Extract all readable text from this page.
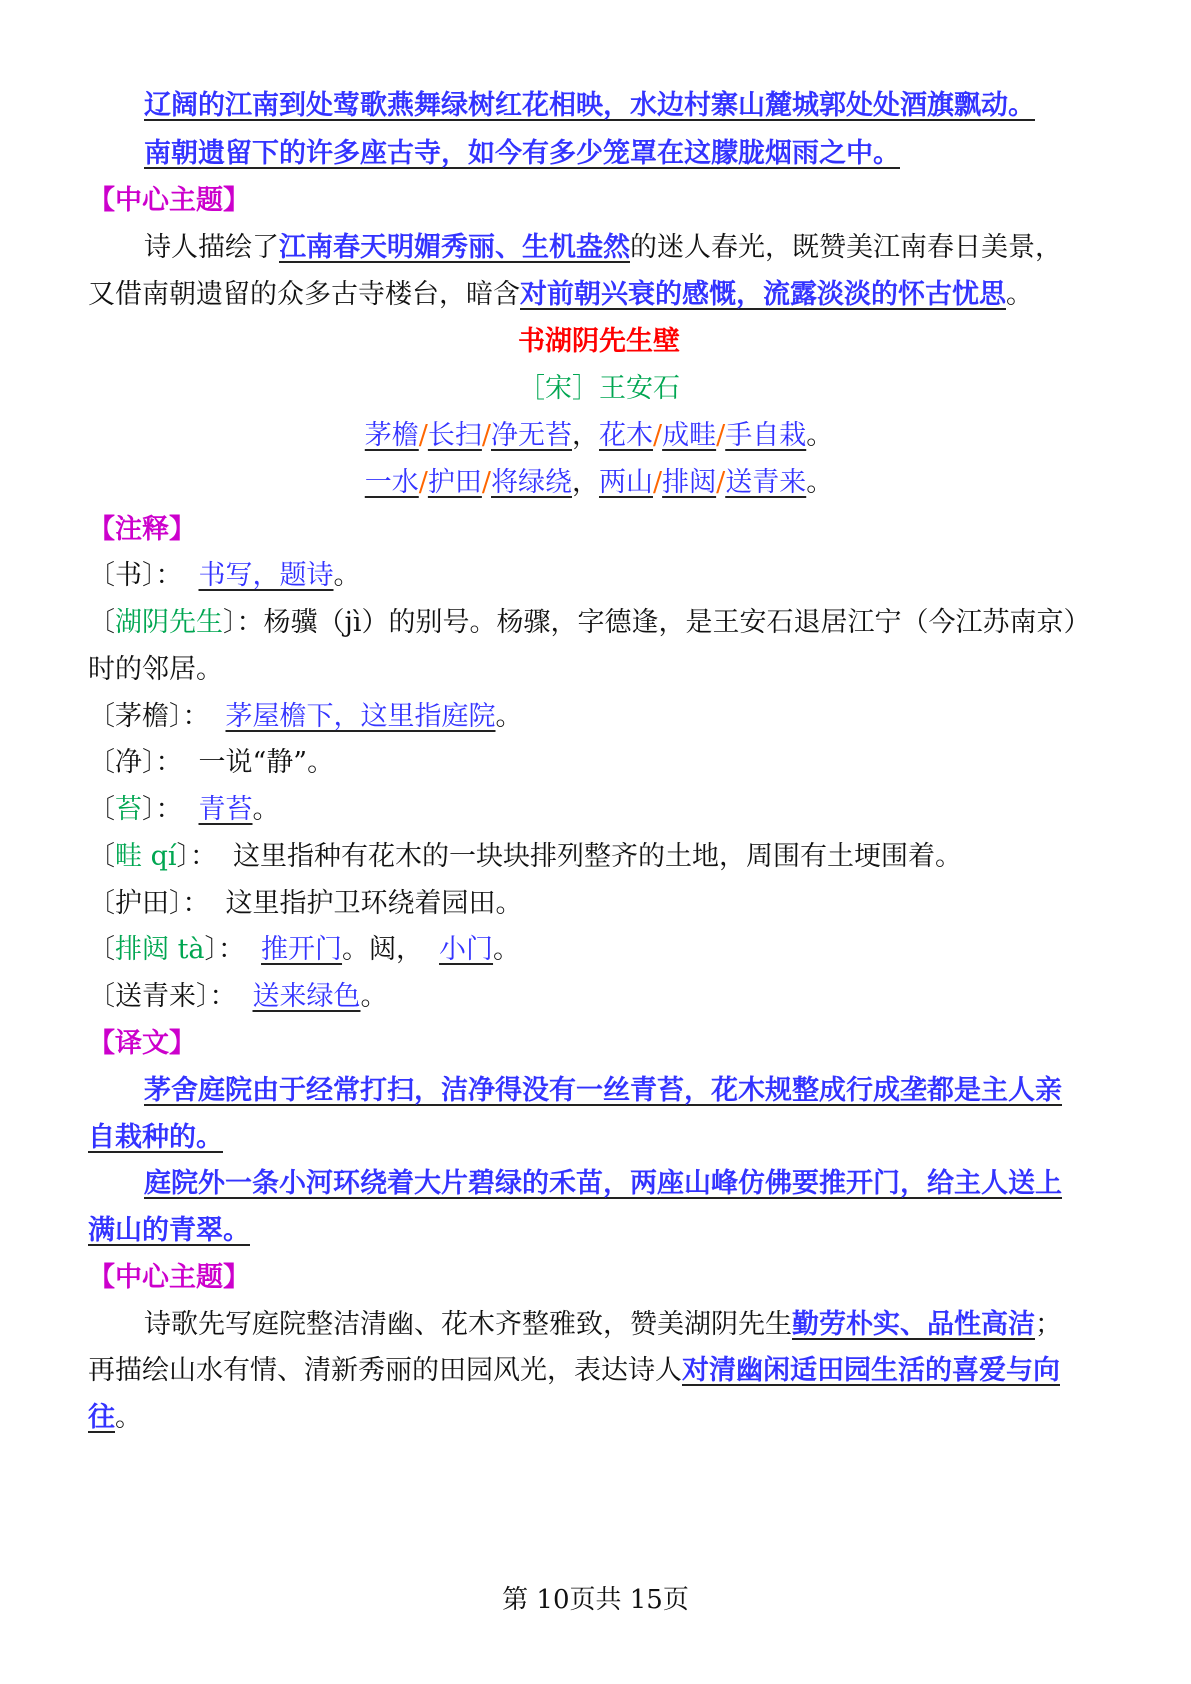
辽阔的江南到处莺歌燕舞绿树红花相映，水边村寨山麓城郭处处酒旗飘动。
南朝遗留下的许多座古寺，如今有多少笼罩在这朦胧烟雨之中。
【中心主题】
诗人描绘了江南春天明媚秀丽、生机盎然的迷人春光，既赞美江南春日美景，
又借南朝遗留的众多古寺楼台，暗含对前朝兴衰的感慨，流露淡淡的怀古忧思。
书湖阴先生壁
［宋］王安石
茅檐/长扫/净无苔，花木/成畦/手自栽。
一水/护田/将绿绕，两山/排闼/送青来。
【注释】
〔书〕： 书写，题诗。
〔湖阴先生〕：杨骥（jì）的别号。杨骤，字德逢，是王安石退居江宁（今江苏南京）
时的邻居。
〔茅檐〕： 茅屋檐下，这里指庭院。
〔净〕： 一说“静”。
〔苔〕： 青苔。
〔畦 qí〕： 这里指种有花木的一块块排列整齐的土地，周围有土埂围着。
〔护田〕： 这里指护卫环绕着园田。
〔排闼 tà〕： 推开门。闼， 小门。
〔送青来〕： 送来绿色。
【译文】
茅舍庭院由于经常打扫，洁净得没有一丝青苔，花木规整成行成垄都是主人亲
自栽种的。
庭院外一条小河环绕着大片碧绿的禾苗，两座山峰仿佛要推开门，给主人送上
满山的青翠。
【中心主题】
诗歌先写庭院整洁清幽、花木齐整雅致，赞美湖阴先生勤劳朴实、品性高洁；
再描绘山水有情、清新秀丽的田园风光，表达诗人对清幽闲适田园生活的喜爱与向
往。
第 10页共 15页
